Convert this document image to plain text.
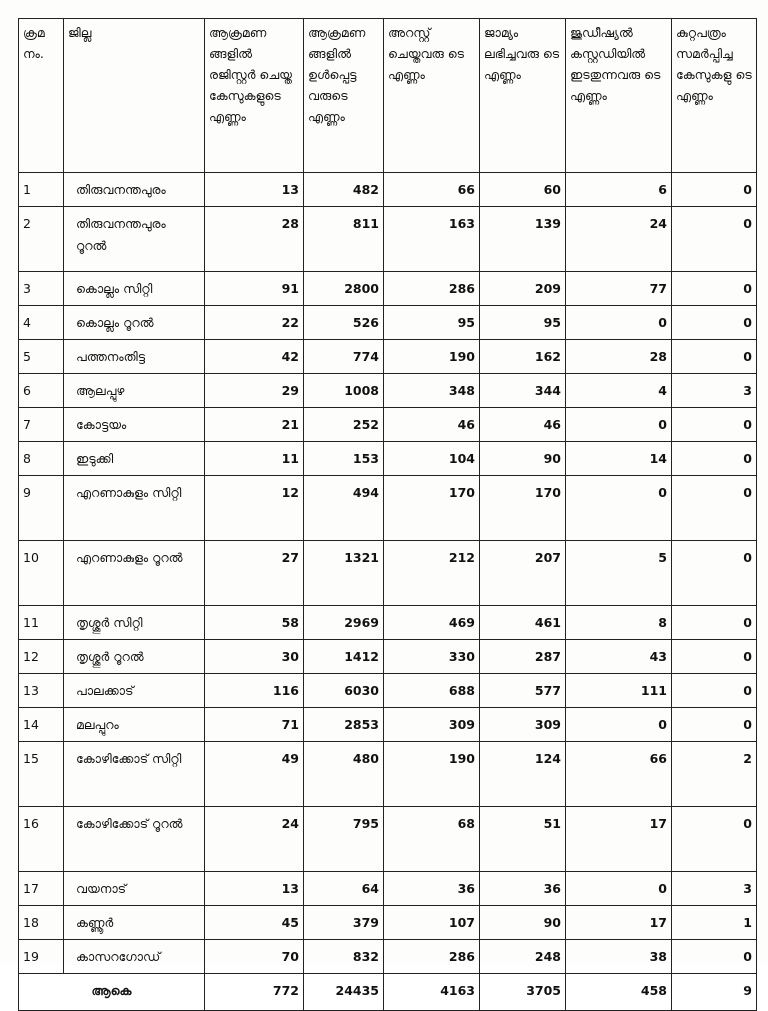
ക്രമ നം.	ജില്ല	ആക്രമണ ങ്ങളിൽ രജിസ്റ്റർ ചെയ്ത കേസുകളുടെ എണ്ണം	ആക്രമണ ങ്ങളിൽ ഉൾപ്പെട്ട വരുടെ എണ്ണം	അറസ്റ്റ് ചെയ്തവരു ടെ എണ്ണം	ജാമ്യം ലഭിച്ചവരു ടെ എണ്ണം	ജുഡീഷ്യൽ കസ്റ്റഡിയിൽ ഇടതുന്നവരു ടെ എണ്ണം	കുറ്റപത്രം സമർപ്പിച്ച കേസുകളു ടെ എണ്ണം
1	തിരുവനന്തപുരം	13	482	66	60	6	0
2	തിരുവനന്തപുരം റൂറൽ	28	811	163	139	24	0
3	കൊല്ലം സിറ്റി	91	2800	286	209	77	0
4	കൊല്ലം റൂറൽ	22	526	95	95	0	0
5	പത്തനംതിട്ട	42	774	190	162	28	0
6	ആലപ്പുഴ	29	1008	348	344	4	3
7	കോട്ടയം	21	252	46	46	0	0
8	ഇടുക്കി	11	153	104	90	14	0
9	എറണാകുളം സിറ്റി	12	494	170	170	0	0
10	എറണാകുളം റൂറൽ	27	1321	212	207	5	0
11	തൃശ്ശൂർ സിറ്റി	58	2969	469	461	8	0
12	തൃശ്ശൂർ റൂറൽ	30	1412	330	287	43	0
13	പാലക്കാട്	116	6030	688	577	111	0
14	മലപ്പുറം	71	2853	309	309	0	0
15	കോഴിക്കോട് സിറ്റി	49	480	190	124	66	2
16	കോഴിക്കോട് റൂറൽ	24	795	68	51	17	0
17	വയനാട്	13	64	36	36	0	3
18	കണ്ണൂർ	45	379	107	90	17	1
19	കാസറഗോഡ്	70	832	286	248	38	0
ആകെ		772	24435	4163	3705	458	9
